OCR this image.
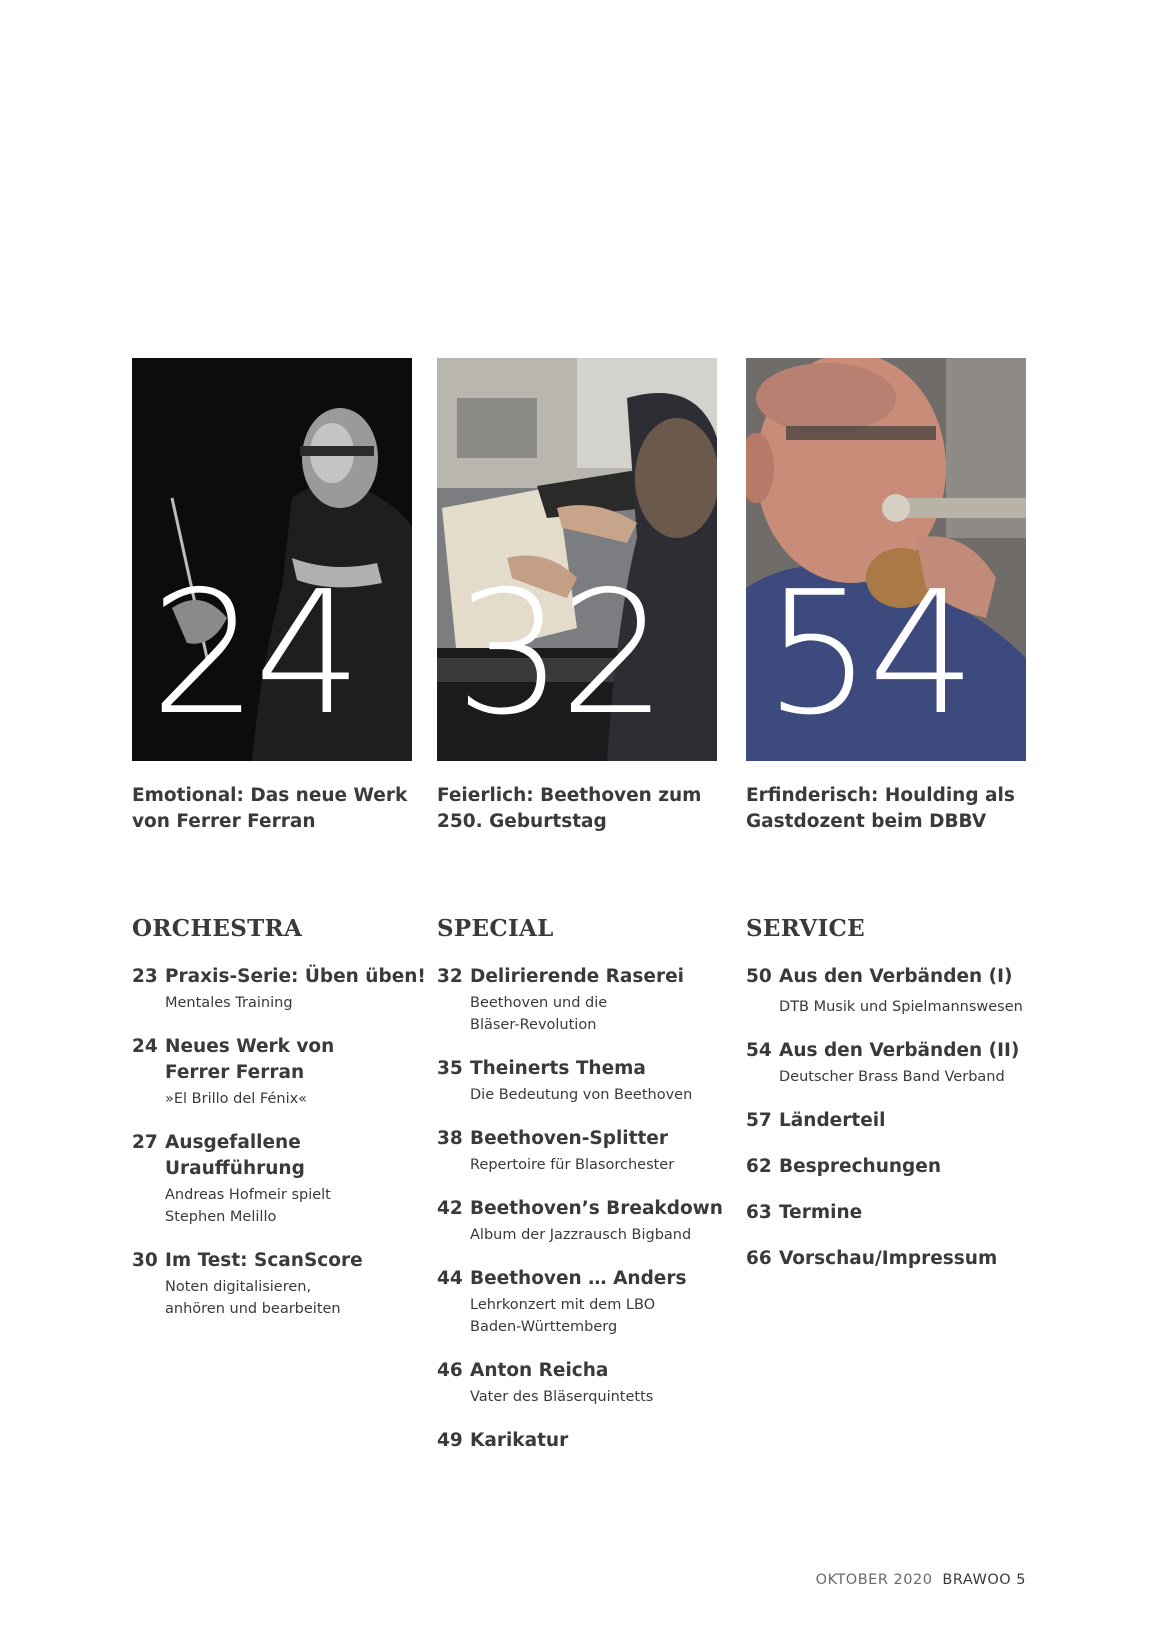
24 32 54
Emotional: Das neue Werk von Ferrer Ferran
Feierlich: Beethoven zum 250. Geburtstag
Erfinderisch: Houlding als Gastdozent beim DBBV
ORCHESTRA
23 Praxis-Serie: Üben üben!
Mentales Training
24 Neues Werk von Ferrer Ferran
»El Brillo del Fénix«
27 Ausgefallene Uraufführung
Andreas Hofmeir spielt Stephen Melillo
30 Im Test: ScanScore
Noten digitalisieren, anhören und bearbeiten
SPECIAL
32 Delirierende Raserei
Beethoven und die Bläser-Revolution
35 Theinerts Thema
Die Bedeutung von Beethoven
38 Beethoven-Splitter
Repertoire für Blasorchester
42 Beethoven’s Breakdown
Album der Jazzrausch Bigband
44 Beethoven … Anders
Lehrkonzert mit dem LBO Baden-Württemberg
46 Anton Reicha
Vater des Bläserquintetts
49 Karikatur
SERVICE
50 Aus den Verbänden (I)
DTB Musik und Spielmannswesen
54 Aus den Verbänden (II)
Deutscher Brass Band Verband
57 Länderteil
62 Besprechungen
63 Termine
66 Vorschau/Impressum
OKTOBER 2020 BRAWOO 5
